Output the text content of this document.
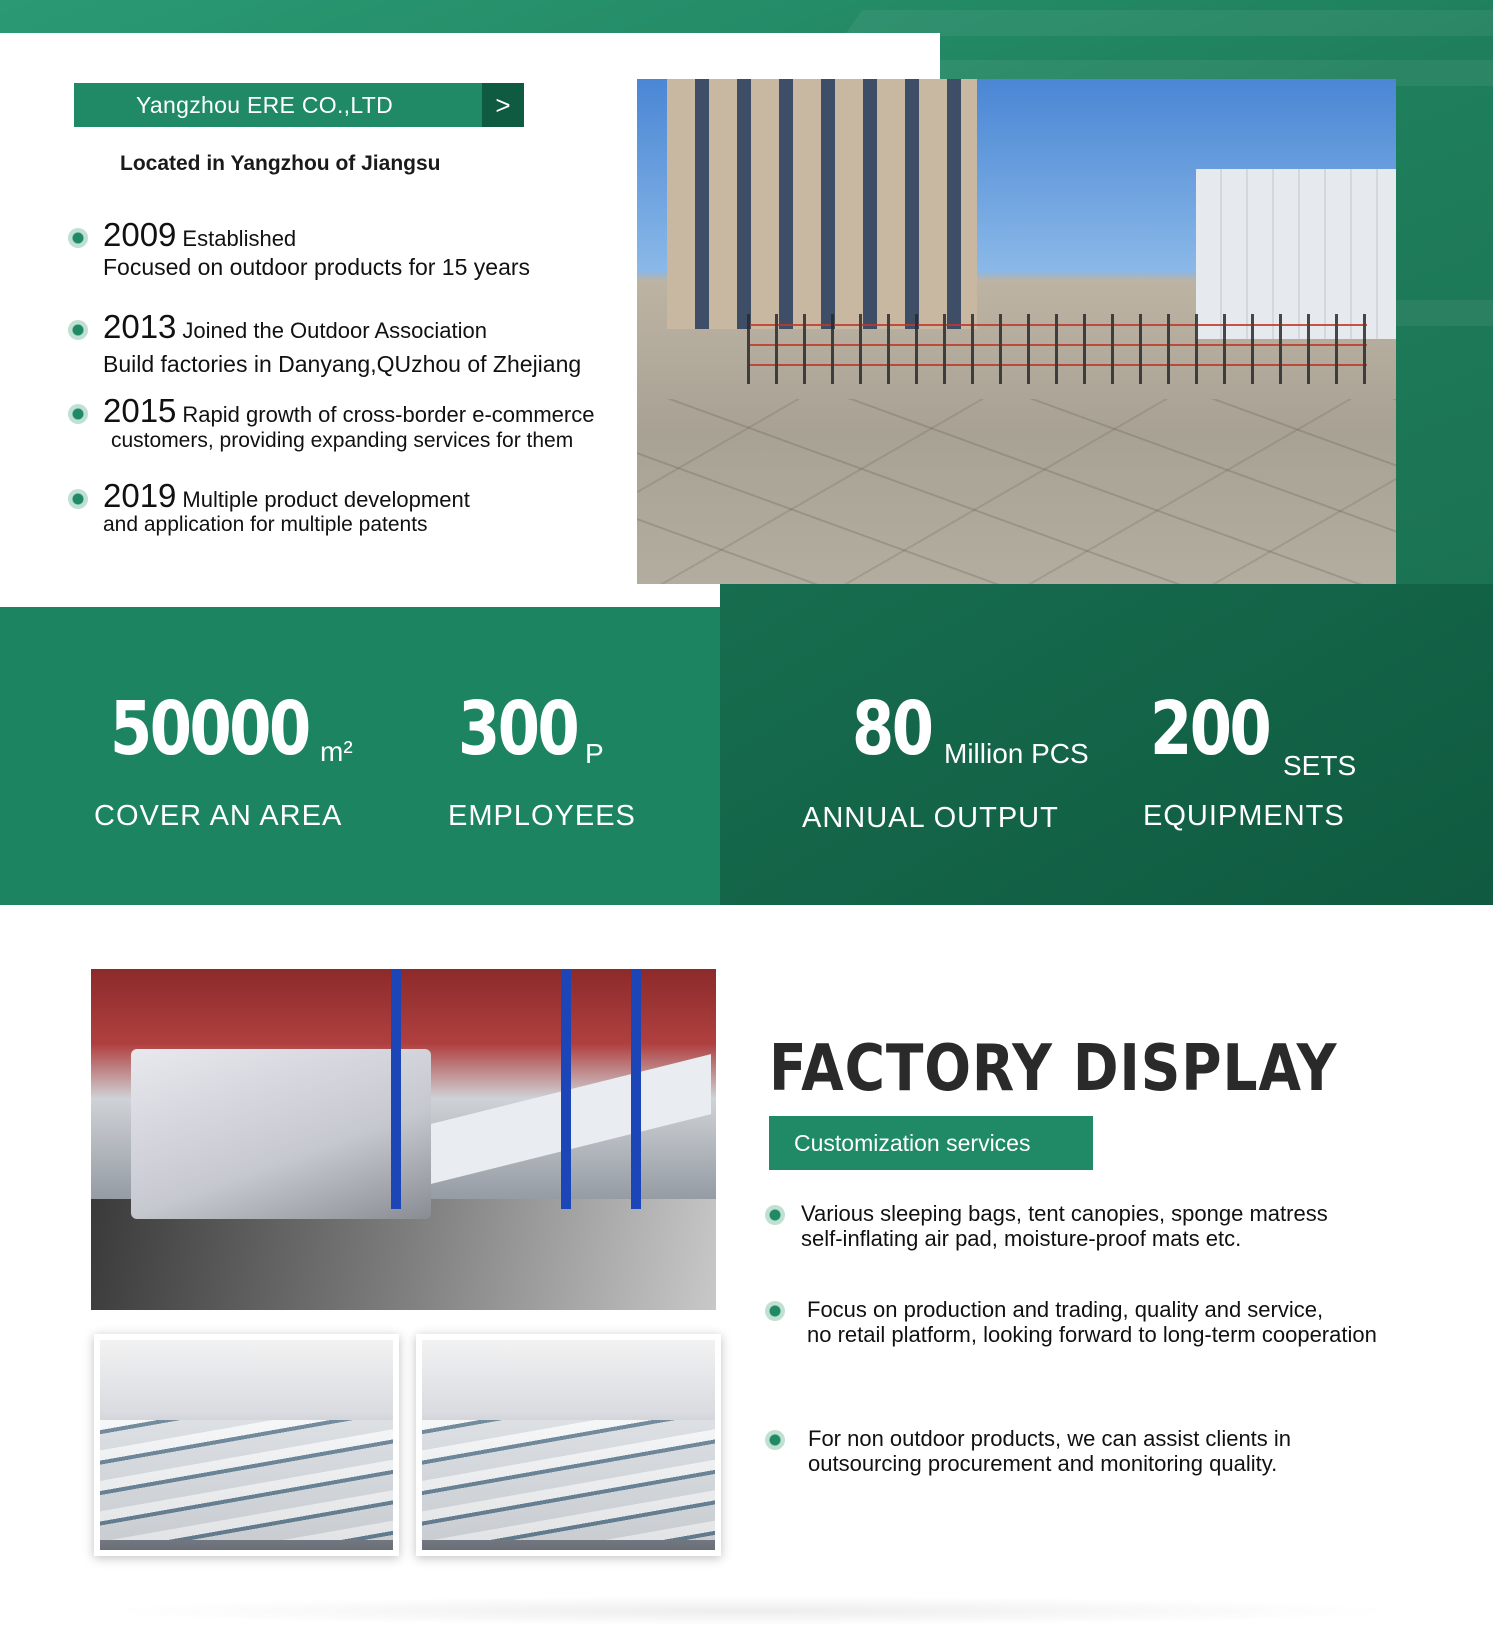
Yangzhou ERE CO.,LTD	>
Located in Yangzhou of Jiangsu
2009 Established
Focused on outdoor products for 15 years
2013 Joined the Outdoor Association
Build factories in Danyang,QUzhou of Zhejiang
2015 Rapid growth of cross-border e-commerce
customers, providing expanding services for them
2019 Multiple product development
and application for multiple patents
50000 m²
COVER AN AREA
300 P
EMPLOYEES
80 Million PCS
ANNUAL OUTPUT
200 SETS
EQUIPMENTS
FACTORY DISPLAY
Customization services
Various sleeping bags, tent canopies, sponge matress
self-inflating air pad, moisture-proof mats etc.
Focus on production and trading, quality and service,
no retail platform, looking forward to long-term cooperation
For non outdoor products, we can assist clients in
outsourcing procurement and monitoring quality.
